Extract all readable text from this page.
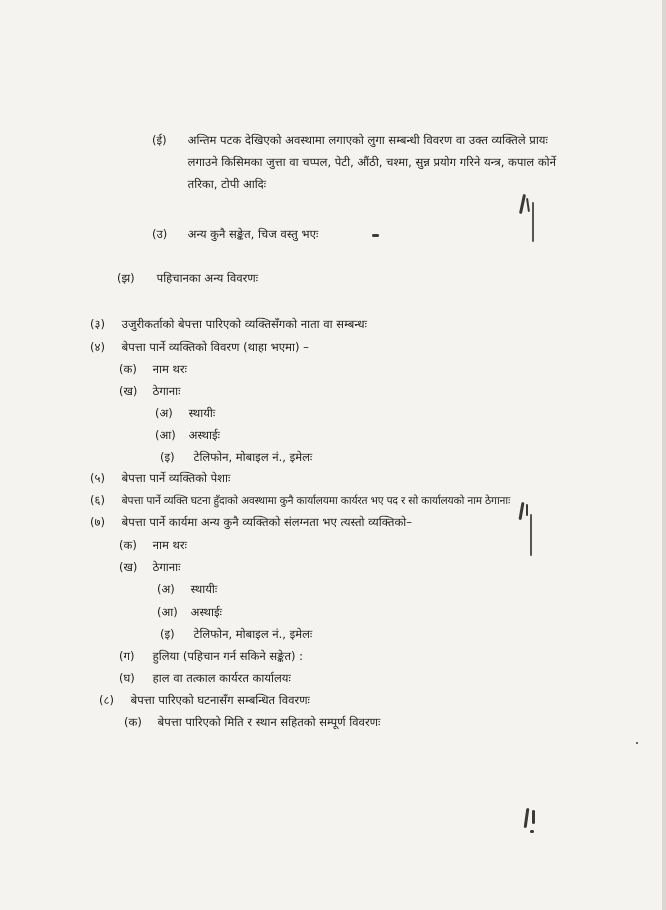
(ई) अन्तिम पटक देखिएको अवस्थामा लगाएको लुगा सम्बन्धी विवरण वा उक्त व्यक्तिले प्रायः लगाउने किसिमका जुत्ता वा चप्पल, पेटी, औंठी, चश्मा, सुन्न प्रयोग गरिने यन्त्र, कपाल कोर्ने तरिका, टोपी आदिः
(उ) अन्य कुनै सङ्केत, चिज वस्तु भएः
(झ) पहिचानका अन्य विवरणः
(३) उजुरीकर्ताको बेपत्ता पारिएको व्यक्तिसँगको नाता वा सम्बन्धः
(४) बेपत्ता पार्ने व्यक्तिको विवरण (थाहा भएमा) –
(क) नाम थरः
(ख) ठेगानाः
(अ) स्थायीः
(आ) अस्थाईः
(इ) टेलिफोन, मोबाइल नं., इमेलः
(५) बेपत्ता पार्ने व्यक्तिको पेशाः
(६) बेपत्ता पार्ने व्यक्ति घटना हुँदाको अवस्थामा कुनै कार्यालयमा कार्यरत भए पद र सो कार्यालयको नाम ठेगानाः
(७) बेपत्ता पार्ने कार्यमा अन्य कुनै व्यक्तिको संलग्नता भए त्यस्तो व्यक्तिको–
(क) नाम थरः
(ख) ठेगानाः
(अ) स्थायीः
(आ) अस्थाईः
(इ) टेलिफोन, मोबाइल नं., इमेलः
(ग) हुलिया (पहिचान गर्न सकिने सङ्केत) :
(घ) हाल वा तत्काल कार्यरत कार्यालयः
(८) बेपत्ता पारिएको घटनासँग सम्बन्धित विवरणः
(क) बेपत्ता पारिएको मिति र स्थान सहितको सम्पूर्ण विवरणः
